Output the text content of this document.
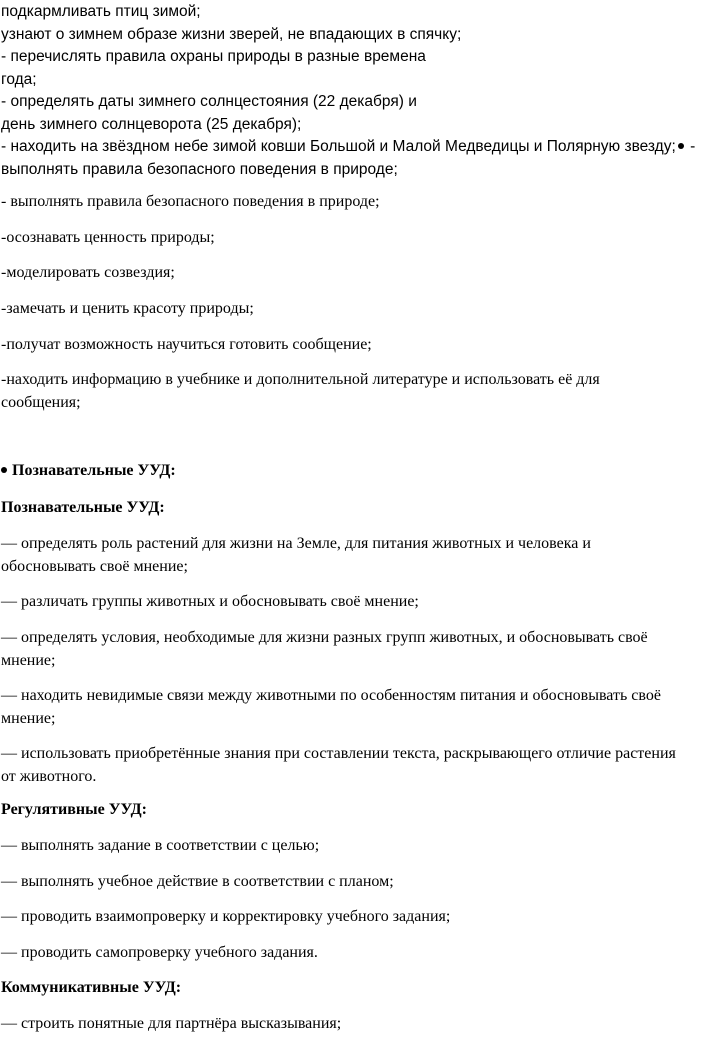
подкармливать птиц зимой;
узнают о зимнем образе жизни зверей, не впадающих в спячку;
- перечислять правила охраны природы в разные времена
года;
- определять даты зимнего солнцестояния (22 декабря) и
день зимнего солнцеворота (25 декабря);
- находить на звёздном небе зимой ковши Большой и Малой Медведицы и Полярную звезду; -
выполнять правила безопасного поведения в природе;
- выполнять правила безопасного поведения в природе;
-осознавать ценность природы;
-моделировать созвездия;
-замечать и ценить красоту природы;
-получат возможность научиться готовить сообщение;
-находить информацию в учебнике и дополнительной литературе и использовать её для
сообщения;
Познавательные УУД:
Познавательные УУД:
— определять роль растений для жизни на Земле, для питания животных и человека и
обосновывать своё мнение;
— различать группы животных и обосновывать своё мнение;
— определять условия, необходимые для жизни разных групп животных, и обосновывать своё
мнение;
— находить невидимые связи между животными по особенностям питания и обосновывать своё
мнение;
— использовать приобретённые знания при составлении текста, раскрывающего отличие растения
от животного.
Регулятивные УУД:
— выполнять задание в соответствии с целью;
— выполнять учебное действие в соответствии с планом;
— проводить взаимопроверку и корректировку учебного задания;
— проводить самопроверку учебного задания.
Коммуникативные УУД:
— строить понятные для партнёра высказывания;
